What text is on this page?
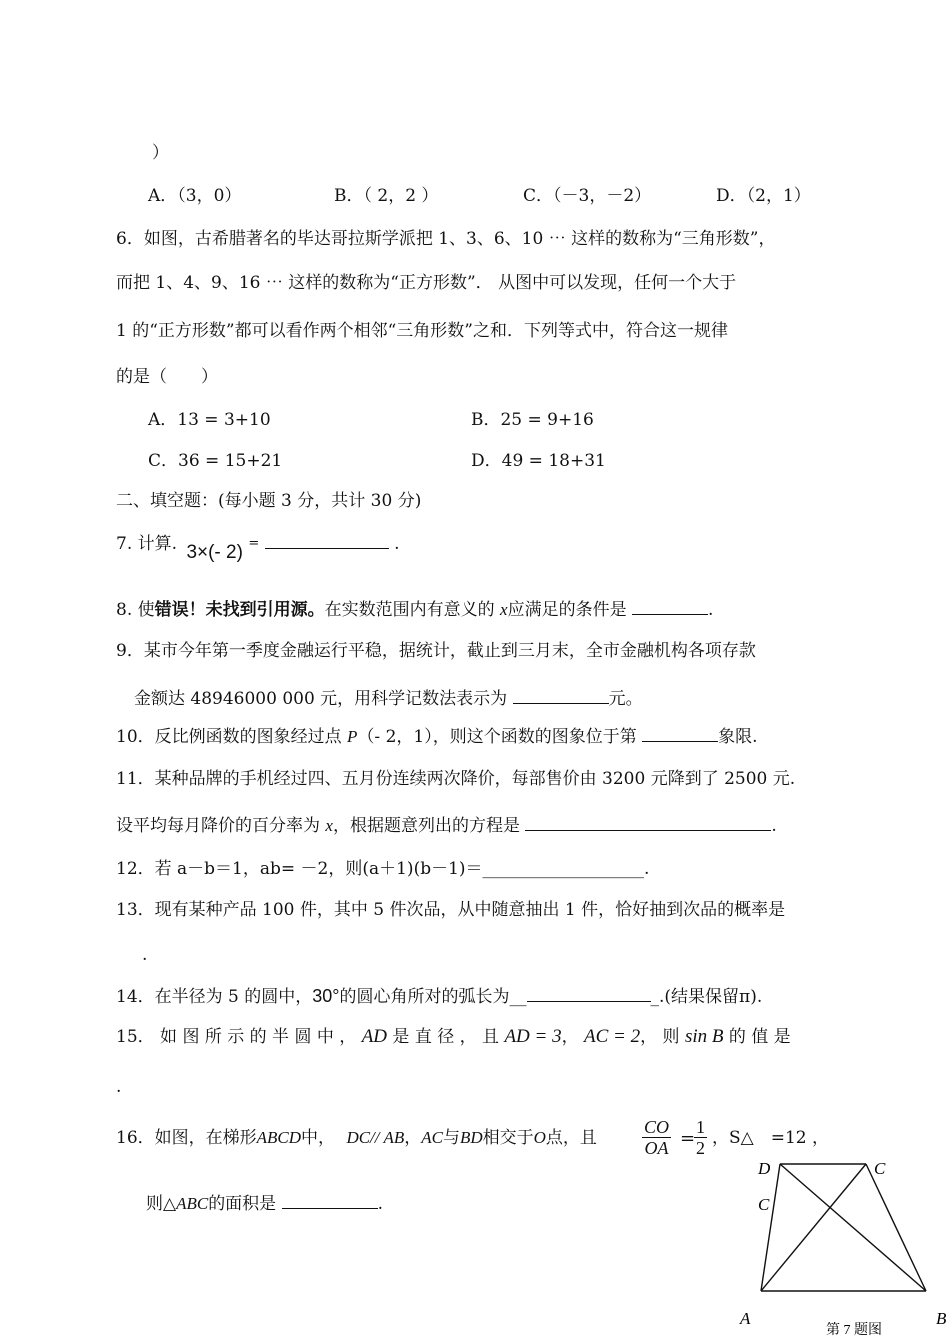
）
A．（3，0）	B．（ 2，2 ）	C．（－3，－2）	D．（2，1）
6．如图，古希腊著名的毕达哥拉斯学派把 1、3、6、10 ⋯ 这样的数称为“三角形数”，
而把 1、4、9、16 ⋯ 这样的数称为“正方形数”． 从图中可以发现，任何一个大于
1 的“正方形数”都可以看作两个相邻“三角形数”之和．下列等式中，符合这一规律
的是（　　）
A．13 = 3+10	B．25 = 9+16
C．36 = 15+21	D．49 = 18+31
二、填空题：(每小题 3 分，共计 30 分)
7. 计算. 3×(- 2) =	.
8. 使错误！未找到引用源。在实数范围内有意义的 x应满足的条件是	.
9．某市今年第一季度金融运行平稳，据统计，截止到三月末，全市金融机构各项存款
金额达 48946000 000 元，用科学记数法表示为	元。
10．反比例函数的图象经过点 P（- 2，1），则这个函数的图象位于第	象限.
11．某种品牌的手机经过四、五月份连续两次降价，每部售价由 3200 元降到了 2500 元.
设平均每月降价的百分率为 x，根据题意列出的方程是	.
12．若 a－b＝1，ab= －2，则(a＋1)(b－1)＝___________________.
13．现有某种产品 100 件，其中 5 件次品，从中随意抽出 1 件，恰好抽到次品的概率是
.
14．在半径为 5 的圆中，30°的圆心角所对的弧长为__	_.(结果保留π).
15． 如 图 所 示 的 半 圆 中 ， AD 是 直 径 ， 且 AD = 3， AC = 2， 则 sin B 的 值 是
.
16．如图，在梯形ABCD中， DC// AB，AC与BD相交于O点，且	$\frac{CO}{OA}$ =
$\frac{1}{2}$ ，S△　=12 ，
则△ABC的面积是	.
D	C
C
A	B
第 7 题图
